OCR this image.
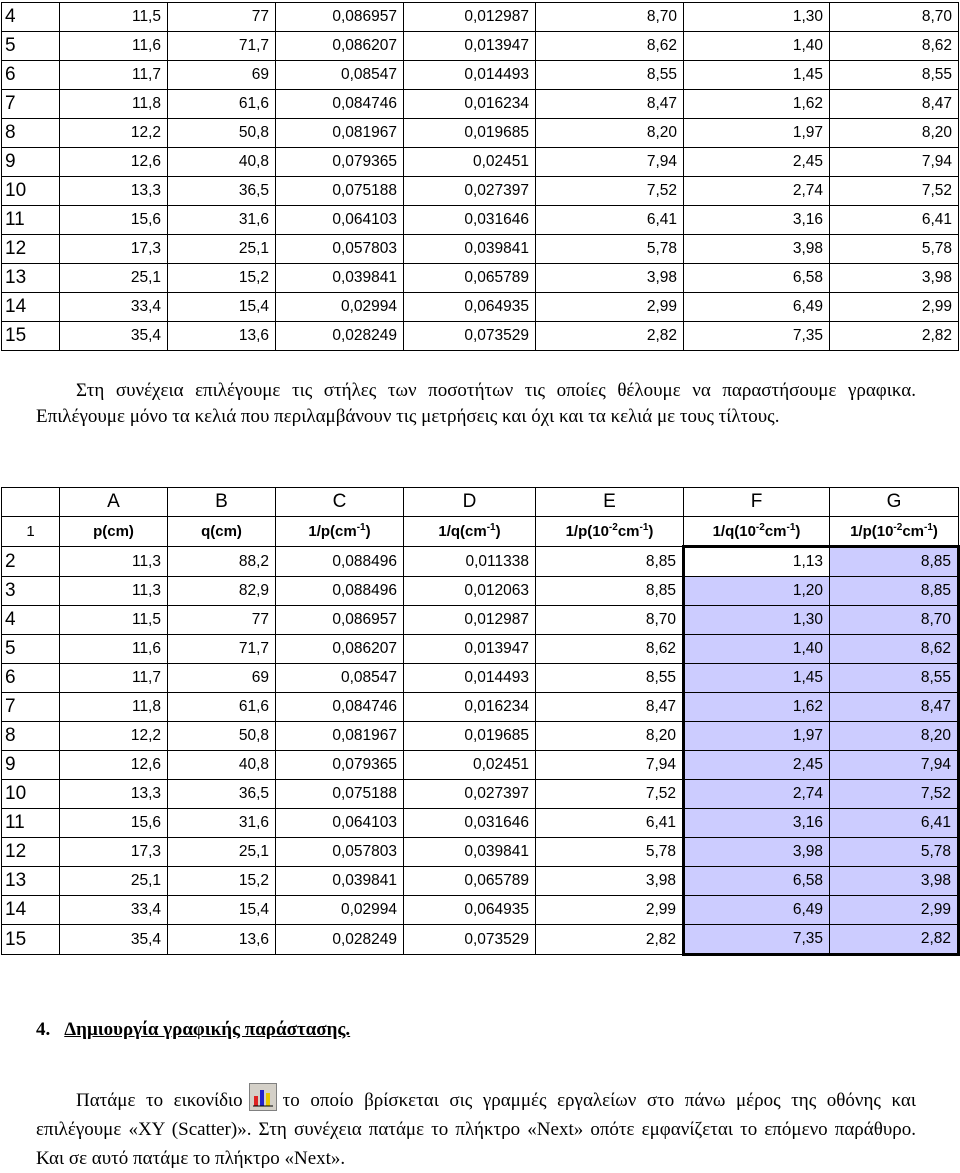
4	11,5	77	0,086957	0,012987	8,70	1,30	8,70
5	11,6	71,7	0,086207	0,013947	8,62	1,40	8,62
6	11,7	69	0,08547	0,014493	8,55	1,45	8,55
7	11,8	61,6	0,084746	0,016234	8,47	1,62	8,47
8	12,2	50,8	0,081967	0,019685	8,20	1,97	8,20
9	12,6	40,8	0,079365	0,02451	7,94	2,45	7,94
10	13,3	36,5	0,075188	0,027397	7,52	2,74	7,52
11	15,6	31,6	0,064103	0,031646	6,41	3,16	6,41
12	17,3	25,1	0,057803	0,039841	5,78	3,98	5,78
13	25,1	15,2	0,039841	0,065789	3,98	6,58	3,98
14	33,4	15,4	0,02994	0,064935	2,99	6,49	2,99
15	35,4	13,6	0,028249	0,073529	2,82	7,35	2,82
Στη συνέχεια επιλέγουμε τις στήλες των ποσοτήτων τις οποίες θέλουμε να παραστήσουμε γραφικα. Επιλέγουμε μόνο τα κελιά που περιλαμβάνουν τις μετρήσεις και όχι και τα κελιά με τους τίλτους.
	A	B	C	D	E	F	G
1	p(cm)	q(cm)	$1/p(cm^{-1})$	$1/q(cm^{-1})$	$1/p(10^{-2}cm^{-1})$	$1/q(10^{-2}cm^{-1})$	$1/p(10^{-2}cm^{-1})$
2	11,3	88,2	0,088496	0,011338	8,85	1,13	8,85
3	11,3	82,9	0,088496	0,012063	8,85	1,20	8,85
4	11,5	77	0,086957	0,012987	8,70	1,30	8,70
5	11,6	71,7	0,086207	0,013947	8,62	1,40	8,62
6	11,7	69	0,08547	0,014493	8,55	1,45	8,55
7	11,8	61,6	0,084746	0,016234	8,47	1,62	8,47
8	12,2	50,8	0,081967	0,019685	8,20	1,97	8,20
9	12,6	40,8	0,079365	0,02451	7,94	2,45	7,94
10	13,3	36,5	0,075188	0,027397	7,52	2,74	7,52
11	15,6	31,6	0,064103	0,031646	6,41	3,16	6,41
12	17,3	25,1	0,057803	0,039841	5,78	3,98	5,78
13	25,1	15,2	0,039841	0,065789	3,98	6,58	3,98
14	33,4	15,4	0,02994	0,064935	2,99	6,49	2,99
15	35,4	13,6	0,028249	0,073529	2,82	7,35	2,82
4. Δημιουργία γραφικής παράστασης.
Πατάμε το εικονίδιο το οποίο βρίσκεται σις γραμμές εργαλείων στο πάνω μέρος της οθόνης και επιλέγουμε «XY (Scatter)». Στη συνέχεια πατάμε το πλήκτρο «Next» οπότε εμφανίζεται το επόμενο παράθυρο. Και σε αυτό πατάμε το πλήκτρο «Next».
